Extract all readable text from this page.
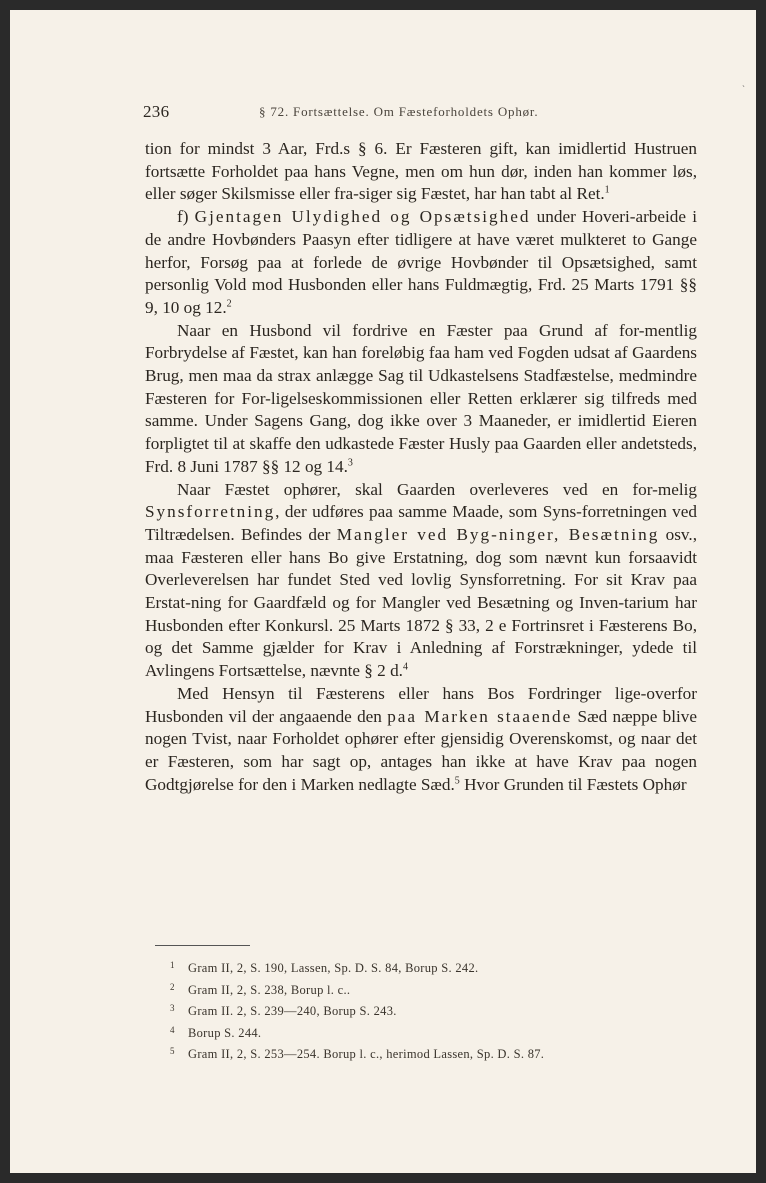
˴
236	§ 72. Fortsættelse. Om Fæsteforholdets Ophør.

tion for mindst 3 Aar, Frd.s § 6. Er Fæsteren gift, kan imidlertid Hustruen fortsætte Forholdet paa hans Vegne, men om hun dør, inden han kommer løs, eller søger Skilsmisse eller fra-siger sig Fæstet, har han tabt al Ret.$^1$

f) Gjentagen Ulydighed og Opsætsighed under Hoveri-arbeide i de andre Hovbønders Paasyn efter tidligere at have været mulkteret to Gange herfor, Forsøg paa at forlede de øvrige Hovbønder til Opsætsighed, samt personlig Vold mod Husbonden eller hans Fuldmægtig, Frd. 25 Marts 1791 §§ 9, 10 og 12.$^2$

Naar en Husbond vil fordrive en Fæster paa Grund af for-mentlig Forbrydelse af Fæstet, kan han foreløbig faa ham ved Fogden udsat af Gaardens Brug, men maa da strax anlægge Sag til Udkastelsens Stadfæstelse, medmindre Fæsteren for For-ligelseskommissionen eller Retten erklærer sig tilfreds med samme. Under Sagens Gang, dog ikke over 3 Maaneder, er imidlertid Eieren forpligtet til at skaffe den udkastede Fæster Husly paa Gaarden eller andetsteds, Frd. 8 Juni 1787 §§ 12 og 14.$^3$

Naar Fæstet ophører, skal Gaarden overleveres ved en for-melig Synsforretning, der udføres paa samme Maade, som Syns-forretningen ved Tiltrædelsen. Befindes der Mangler ved Byg-ninger, Besætning osv., maa Fæsteren eller hans Bo give Erstatning, dog som nævnt kun forsaavidt Overleverelsen har fundet Sted ved lovlig Synsforretning. For sit Krav paa Erstat-ning for Gaardfæld og for Mangler ved Besætning og Inven-tarium har Husbonden efter Konkursl. 25 Marts 1872 § 33, 2 e Fortrinsret i Fæsterens Bo, og det Samme gjælder for Krav i Anledning af Forstrækninger, ydede til Avlingens Fortsættelse, nævnte § 2 d.$^4$

Med Hensyn til Fæsterens eller hans Bos Fordringer lige-overfor Husbonden vil der angaaende den paa Marken staaende Sæd næppe blive nogen Tvist, naar Forholdet ophører efter gjensidig Overenskomst, og naar det er Fæsteren, som har sagt op, antages han ikke at have Krav paa nogen Godtgjørelse for den i Marken nedlagte Sæd.$^5$ Hvor Grunden til Fæstets Ophør

1 Gram II, 2, S. 190, Lassen, Sp. D. S. 84, Borup S. 242.
2 Gram II, 2, S. 238, Borup l. c..
3 Gram II. 2, S. 239—240, Borup S. 243.
4 Borup S. 244.
5 Gram II, 2, S. 253—254. Borup l. c., herimod Lassen, Sp. D. S. 87.
